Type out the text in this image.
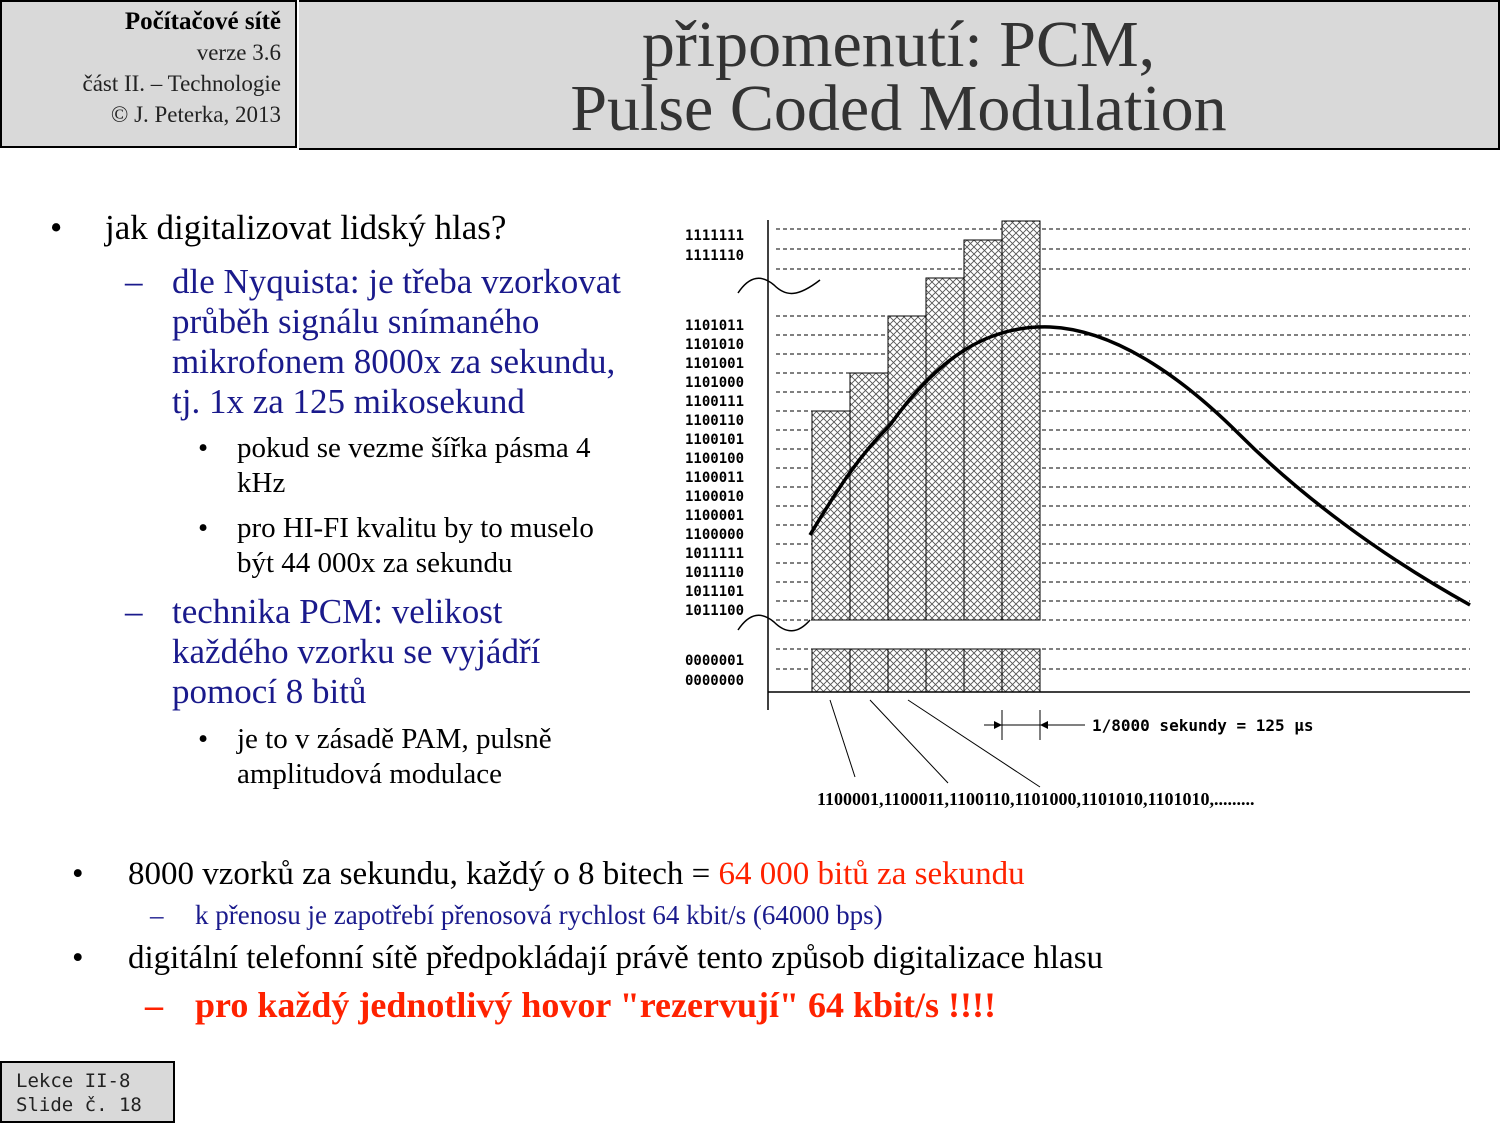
Počítačové sítě
verze 3.6
část II. – Technologie
© J. Peterka, 2013
připomenutí: PCM,
Pulse Coded Modulation
• jak digitalizovat lidský hlas?
– dle Nyquista: je třeba vzorkovat
průběh signálu snímaného
mikrofonem 8000x za sekundu,
tj. 1x za 125 mikosekund
• pokud se vezme šířka pásma 4
kHz
• pro HI-FI kvalitu by to muselo
být 44 000x za sekundu
– technika PCM: velikost
každého vzorku se vyjádří
pomocí 8 bitů
• je to v zásadě PAM, pulsně
amplitudová modulace
1111111
1111110
1101011
1101010
1101001
1101000
1100111
1100110
1100101
1100100
1100011
1100010
1100001
1100000
1011111
1011110
1011101
1011100
0000001
0000000
1/8000 sekundy = 125 µs
1100001,1100011,1100110,1101000,1101010,1101010,.........
• 8000 vzorků za sekundu, každý o 8 bitech = 64 000 bitů za sekundu
– k přenosu je zapotřebí přenosová rychlost 64 kbit/s (64000 bps)
• digitální telefonní sítě předpokládají právě tento způsob digitalizace hlasu
– pro každý jednotlivý hovor "rezervují" 64 kbit/s !!!!
Lekce II-8
Slide č. 18
